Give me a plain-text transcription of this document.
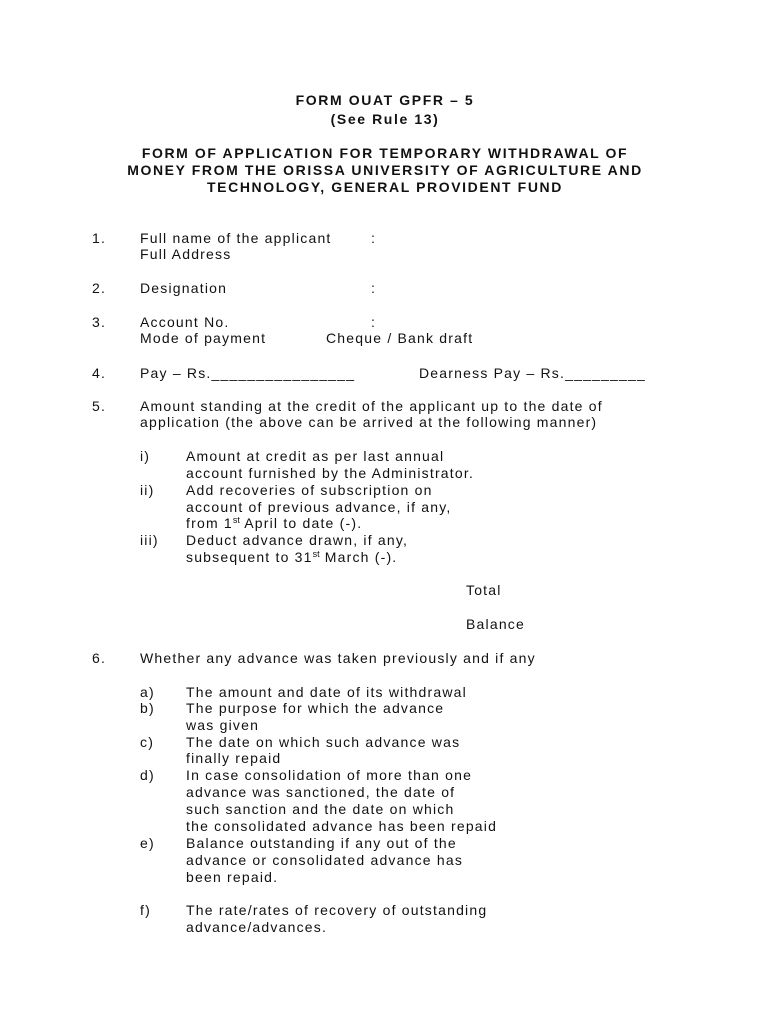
FORM OUAT GPFR – 5
(See Rule 13)
FORM OF APPLICATION FOR TEMPORARY WITHDRAWAL OF
MONEY FROM THE ORISSA UNIVERSITY OF AGRICULTURE AND
TECHNOLOGY, GENERAL PROVIDENT FUND
1. Full name of the applicant	:
Full Address
2. Designation	:
3. Account No.	:
Mode of payment	Cheque / Bank draft
4. Pay – Rs.________________	Dearness Pay – Rs._________
5. Amount standing at the credit of the applicant up to the date of
application (the above can be arrived at the following manner)
i)	Amount at credit as per last annual
account furnished by the Administrator.
ii) Add recoveries of subscription on
account of previous advance, if any,
from 1st April to date (-).
iii) Deduct advance drawn, if any,
subsequent to 31st March (-).
Total
Balance
6. Whether any advance was taken previously and if any
a) The amount and date of its withdrawal
b) The purpose for which the advance
was given
c) The date on which such advance was
finally repaid
d) In case consolidation of more than one
advance was sanctioned, the date of
such sanction and the date on which
the consolidated advance has been repaid
e) Balance outstanding if any out of the
advance or consolidated advance has
been repaid.
f)	The rate/rates of recovery of outstanding
advance/advances.
